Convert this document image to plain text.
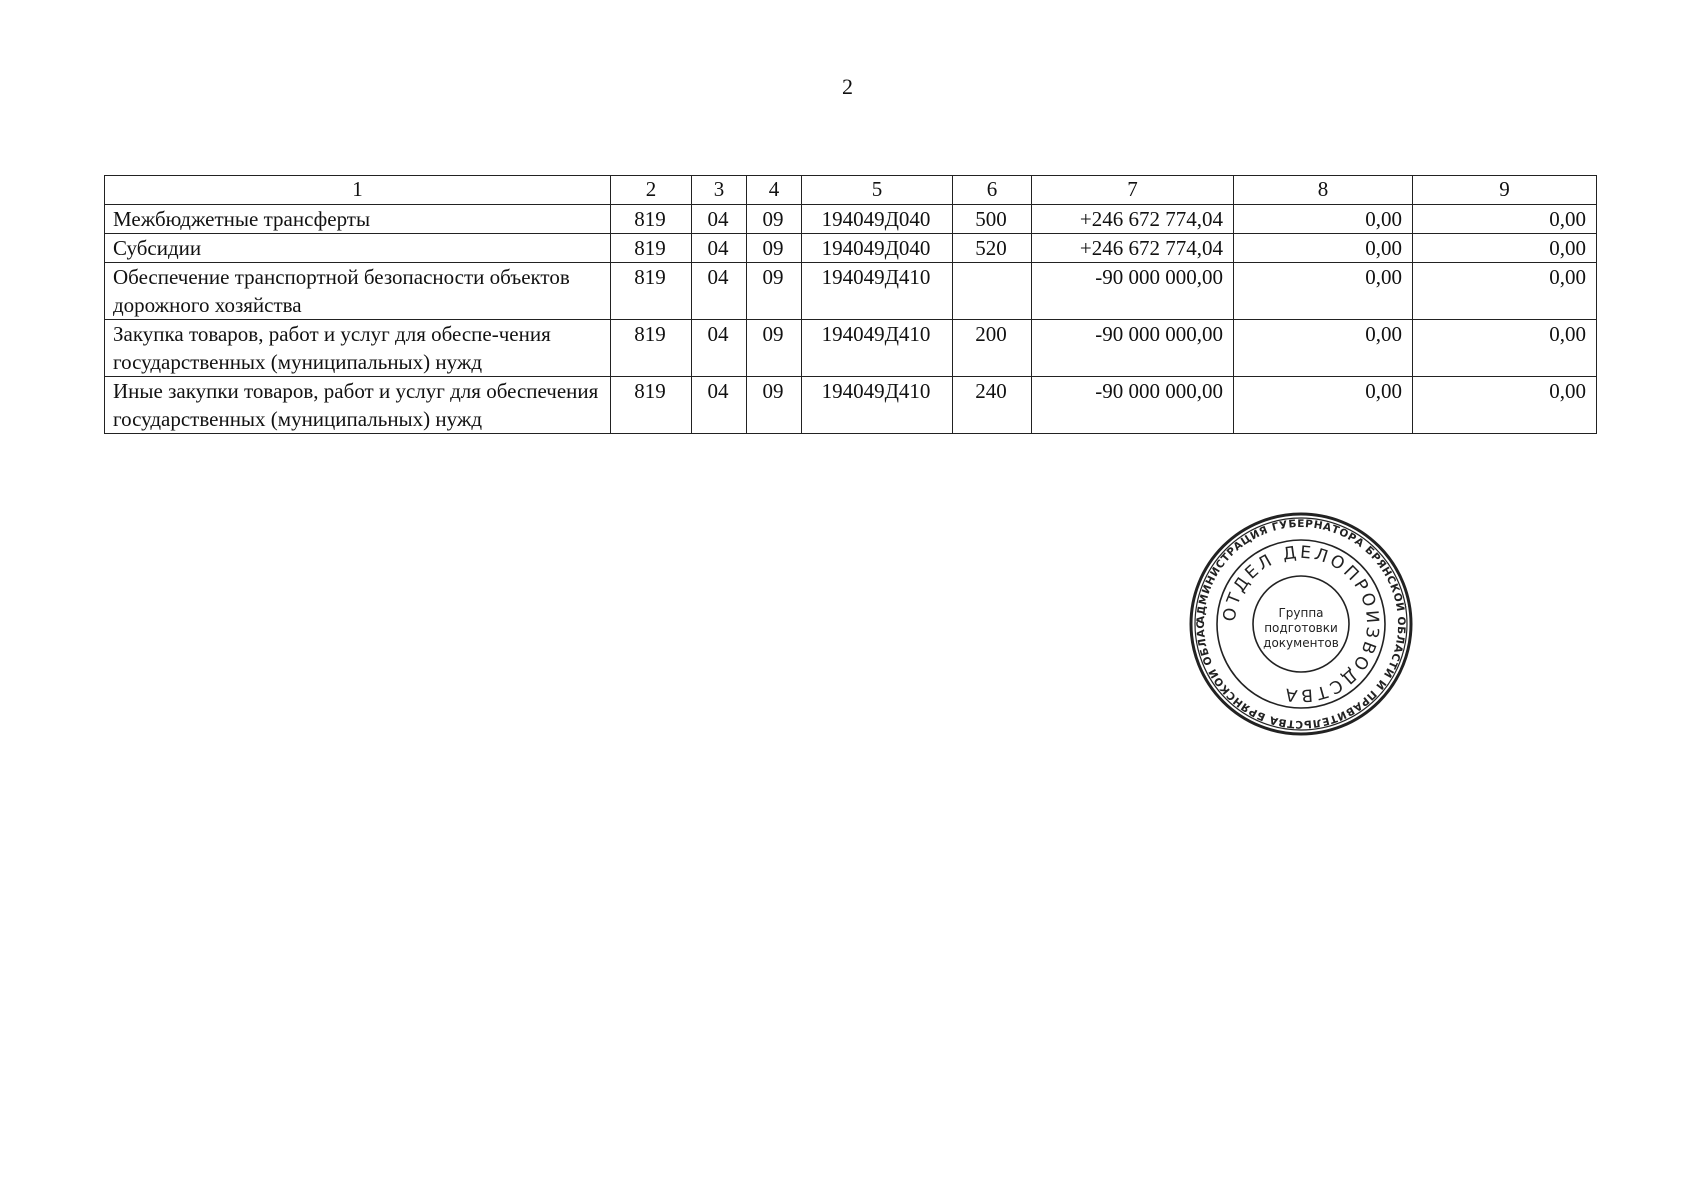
2
1	2	3	4	5	6	7	8	9
Межбюджетные трансферты	819	04	09	194049Д040	500	+246 672 774,04	0,00	0,00
Субсидии	819	04	09	194049Д040	520	+246 672 774,04	0,00	0,00
Обеспечение транспортной безопасности объектов дорожного хозяйства	819	04	09	194049Д410		-90 000 000,00	0,00	0,00
Закупка товаров, работ и услуг для обеспе-чения государственных (муниципальных) нужд	819	04	09	194049Д410	200	-90 000 000,00	0,00	0,00
Иные закупки товаров, работ и услуг для обеспечения государственных (муниципальных) нужд	819	04	09	194049Д410	240	-90 000 000,00	0,00	0,00
АДМИНИСТРАЦИЯ ГУБЕРНАТОРА БРЯНСКОЙ ОБЛАСТИ И ПРАВИТЕЛЬСТВА БРЯНСКОЙ ОБЛАС
ОТДЕЛ ДЕЛОПРОИЗВОДСТВА
Группа
подготовки
документов
